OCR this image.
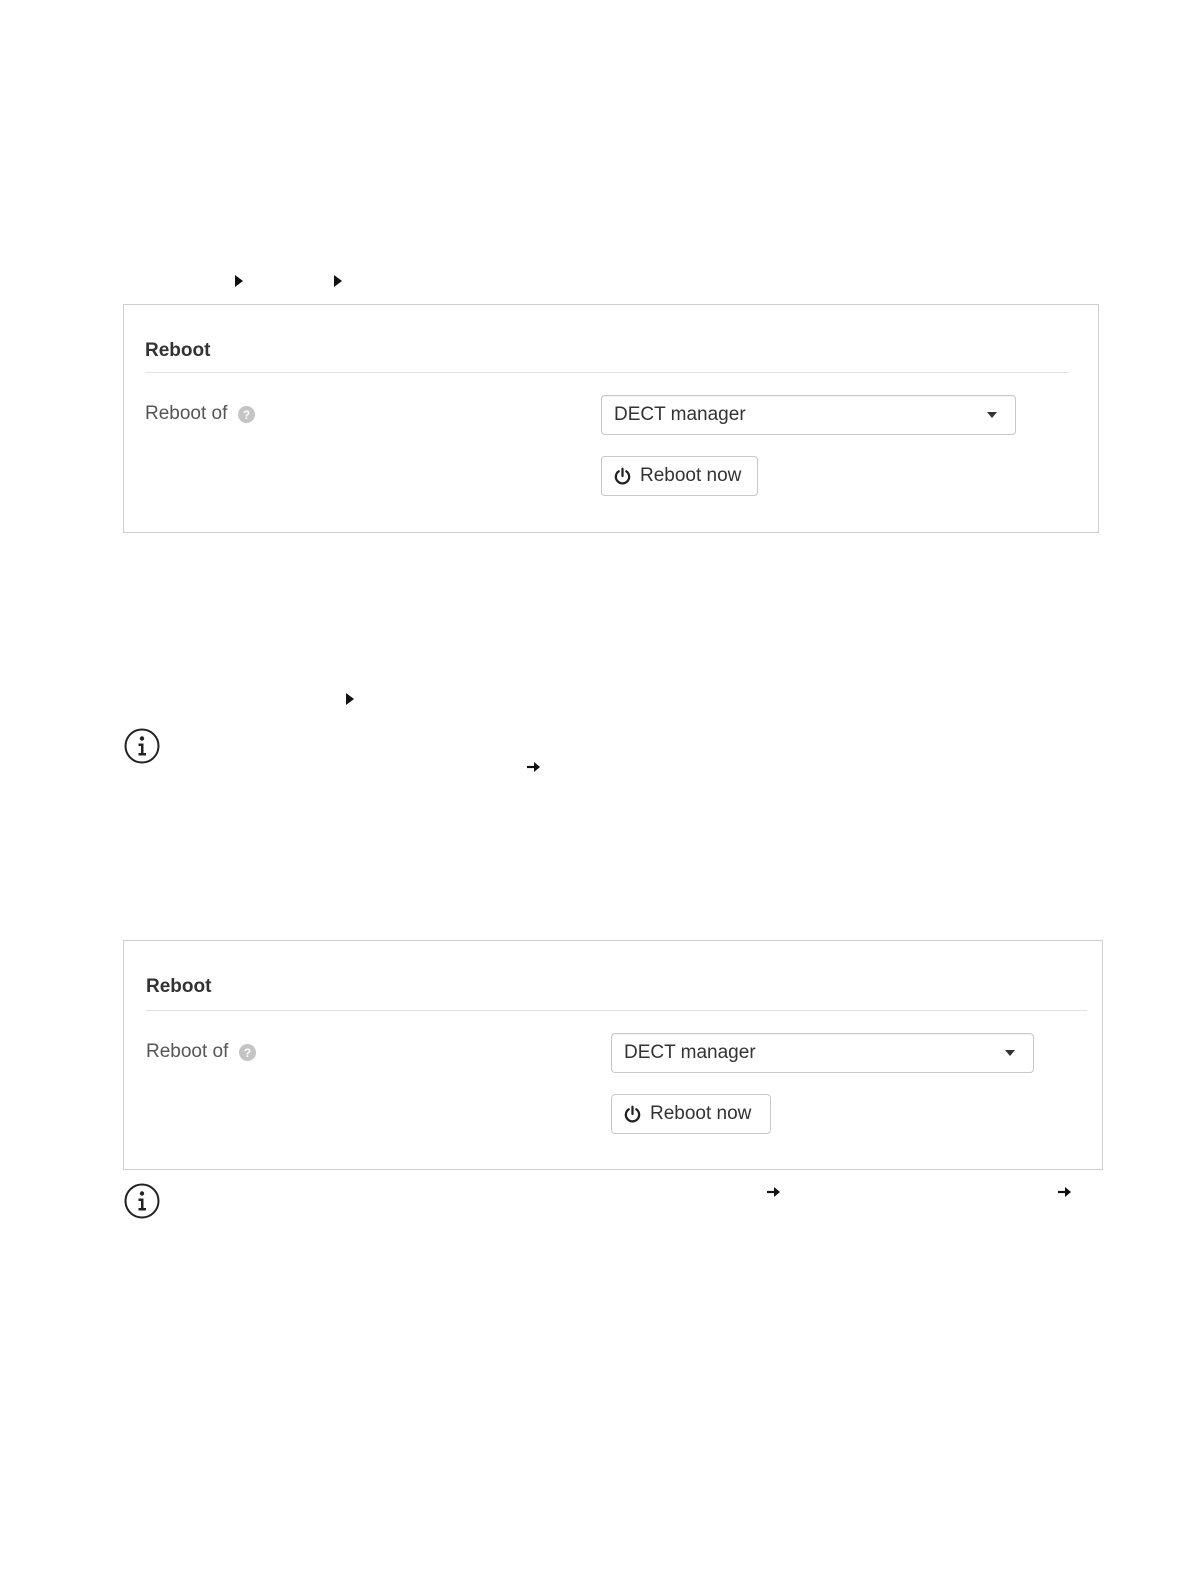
Reboot
Reboot of ?	DECT manager
Reboot now
Reboot
Reboot of ?	DECT manager
Reboot now
